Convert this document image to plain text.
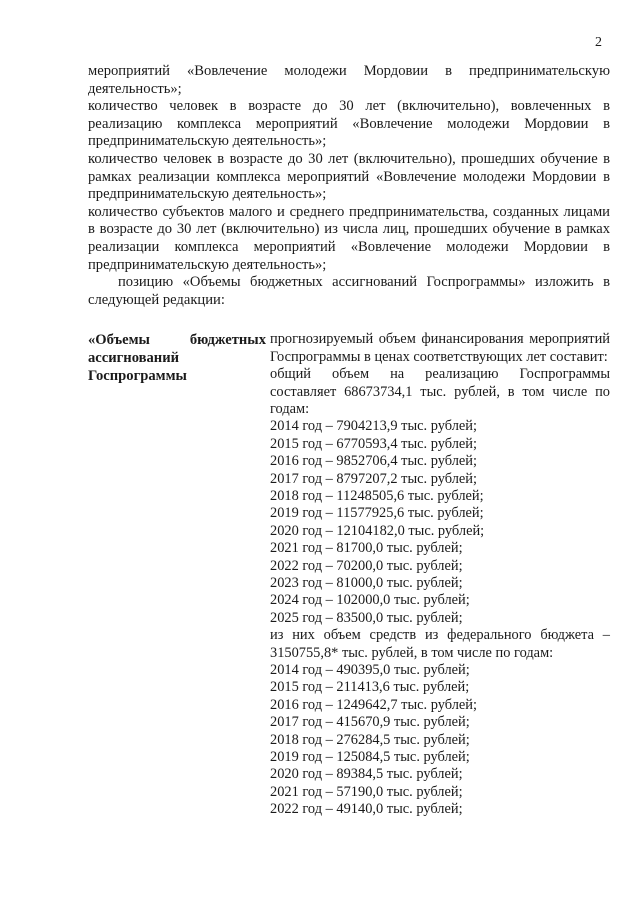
2

мероприятий «Вовлечение молодежи Мордовии в предпринимательскую деятельность»;

количество человек в возрасте до 30 лет (включительно), вовлеченных в реализацию комплекса мероприятий «Вовлечение молодежи Мордовии в предпринимательскую деятельность»;

количество человек в возрасте до 30 лет (включительно), прошедших обучение в рамках реализации комплекса мероприятий «Вовлечение молодежи Мордовии в предпринимательскую деятельность»;

количество субъектов малого и среднего предпринимательства, созданных лицами в возрасте до 30 лет (включительно) из числа лиц, прошедших обучение в рамках реализации комплекса мероприятий «Вовлечение молодежи Мордовии в предпринимательскую деятельность»;

позицию «Объемы бюджетных ассигнований Госпрограммы» изложить в следующей редакции:

«Объемы бюджетных ассигнований Госпрограммы

прогнозируемый объем финансирования мероприятий Госпрограммы в ценах соответствующих лет составит:

общий объем на реализацию Госпрограммы составляет 68673734,1 тыс. рублей, в том числе по годам:

2014 год – 7904213,9 тыс. рублей;

2015 год – 6770593,4 тыс. рублей;

2016 год – 9852706,4 тыс. рублей;

2017 год – 8797207,2 тыс. рублей;

2018 год – 11248505,6 тыс. рублей;

2019 год – 11577925,6 тыс. рублей;

2020 год – 12104182,0 тыс. рублей;

2021 год – 81700,0 тыс. рублей;

2022 год – 70200,0 тыс. рублей;

2023 год – 81000,0 тыс. рублей;

2024 год – 102000,0 тыс. рублей;

2025 год – 83500,0 тыс. рублей;

из них объем средств из федерального бюджета – 3150755,8* тыс. рублей, в том числе по годам:

2014 год – 490395,0 тыс. рублей;

2015 год – 211413,6 тыс. рублей;

2016 год – 1249642,7 тыс. рублей;

2017 год – 415670,9 тыс. рублей;

2018 год – 276284,5 тыс. рублей;

2019 год – 125084,5 тыс. рублей;

2020 год – 89384,5 тыс. рублей;

2021 год – 57190,0 тыс. рублей;

2022 год – 49140,0 тыс. рублей;
